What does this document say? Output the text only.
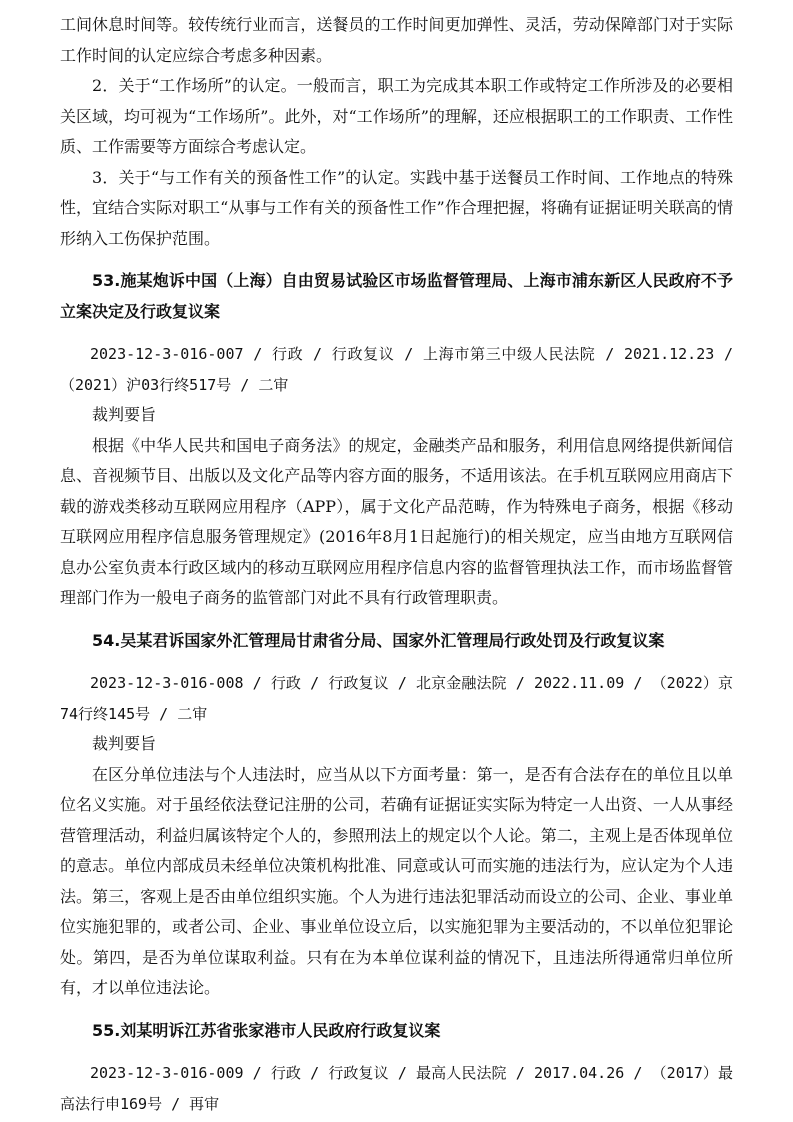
工间休息时间等。较传统行业而言，送餐员的工作时间更加弹性、灵活，劳动保障部门对于实际工作时间的认定应综合考虑多种因素。

2．关于“工作场所”的认定。一般而言，职工为完成其本职工作或特定工作所涉及的必要相关区域，均可视为“工作场所”。此外，对“工作场所”的理解，还应根据职工的工作职责、工作性质、工作需要等方面综合考虑认定。

3．关于“与工作有关的预备性工作”的认定。实践中基于送餐员工作时间、工作地点的特殊性，宜结合实际对职工“从事与工作有关的预备性工作”作合理把握，将确有证据证明关联高的情形纳入工伤保护范围。

53.施某炮诉中国（上海）自由贸易试验区市场监督管理局、上海市浦东新区人民政府不予立案决定及行政复议案

2023-12-3-016-007 / 行政 / 行政复议 / 上海市第三中级人民法院 / 2021.12.23 / （2021）沪03行终517号 / 二审

裁判要旨

根据《中华人民共和国电子商务法》的规定，金融类产品和服务，利用信息网络提供新闻信息、音视频节目、出版以及文化产品等内容方面的服务，不适用该法。在手机互联网应用商店下载的游戏类移动互联网应用程序（APP），属于文化产品范畴，作为特殊电子商务，根据《移动互联网应用程序信息服务管理规定》(2016年8月1日起施行)的相关规定，应当由地方互联网信息办公室负责本行政区域内的移动互联网应用程序信息内容的监督管理执法工作，而市场监督管理部门作为一般电子商务的监管部门对此不具有行政管理职责。

54.吴某君诉国家外汇管理局甘肃省分局、国家外汇管理局行政处罚及行政复议案

2023-12-3-016-008 / 行政 / 行政复议 / 北京金融法院 / 2022.11.09 / （2022）京74行终145号 / 二审

裁判要旨

在区分单位违法与个人违法时，应当从以下方面考量：第一，是否有合法存在的单位且以单位名义实施。对于虽经依法登记注册的公司，若确有证据证实实际为特定一人出资、一人从事经营管理活动，利益归属该特定个人的，参照刑法上的规定以个人论。第二，主观上是否体现单位的意志。单位内部成员未经单位决策机构批准、同意或认可而实施的违法行为，应认定为个人违法。第三，客观上是否由单位组织实施。个人为进行违法犯罪活动而设立的公司、企业、事业单位实施犯罪的，或者公司、企业、事业单位设立后，以实施犯罪为主要活动的，不以单位犯罪论处。第四，是否为单位谋取利益。只有在为本单位谋利益的情况下，且违法所得通常归单位所有，才以单位违法论。

55.刘某明诉江苏省张家港市人民政府行政复议案

2023-12-3-016-009 / 行政 / 行政复议 / 最高人民法院 / 2017.04.26 / （2017）最高法行申169号 / 再审
